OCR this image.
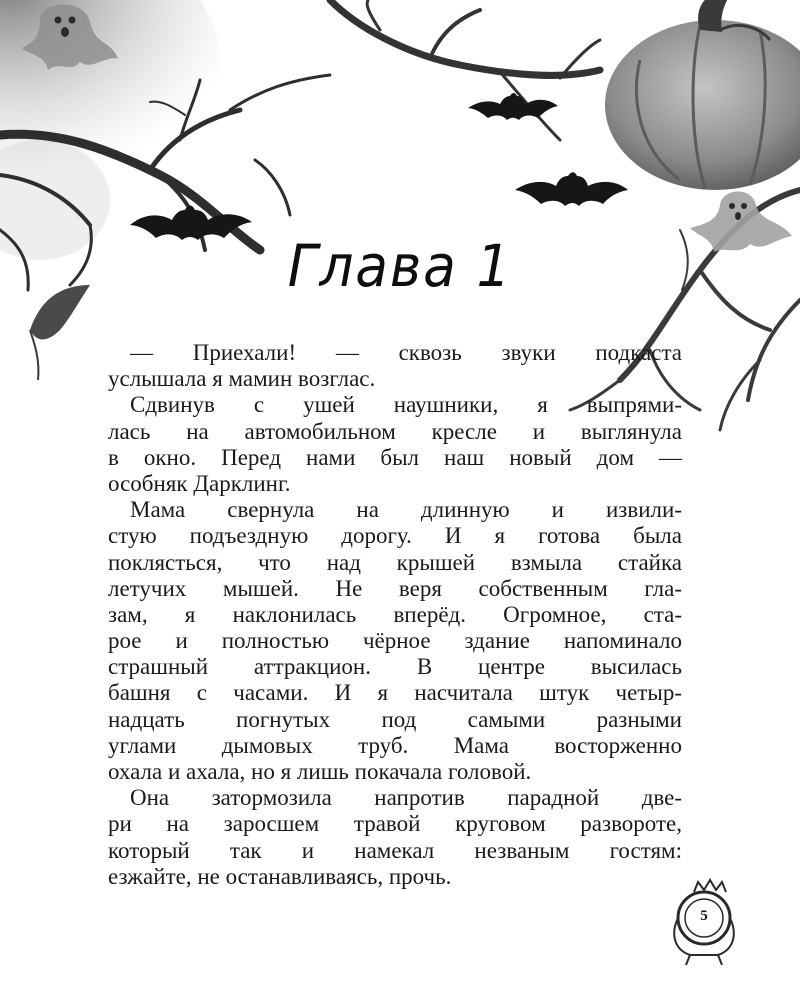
Глава 1
— Приехали! — сквозь звуки подкаста
услышала я мамин возглас.
Сдвинув с ушей наушники, я выпрями-
лась на автомобильном кресле и выглянула
в окно. Перед нами был наш новый дом —
особняк Дарклинг.
Мама свернула на длинную и извили-
стую подъездную дорогу. И я готова была
поклясться, что над крышей взмыла стайка
летучих мышей. Не веря собственным гла-
зам, я наклонилась вперёд. Огромное, ста-
рое и полностью чёрное здание напоминало
страшный аттракцион. В центре высилась
башня с часами. И я насчитала штук четыр-
надцать погнутых под самыми разными
углами дымовых труб. Мама восторженно
охала и ахала, но я лишь покачала головой.
Она затормозила напротив парадной две-
ри на заросшем травой круговом развороте,
который так и намекал незваным гостям:
езжайте, не останавливаясь, прочь.
5
